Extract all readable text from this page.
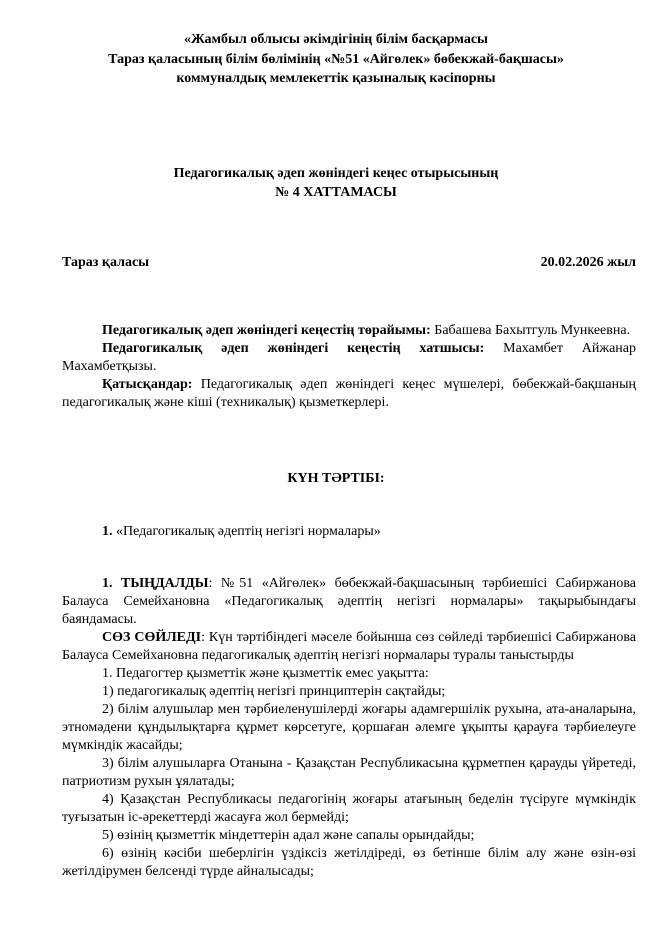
«Жамбыл облысы әкімдігінің білім басқармасы
Тараз қаласының білім бөлімінің «№51 «Айгөлек» бөбекжай-бақшасы»
коммуналдық мемлекеттік қазыналық кәсіпорны
Педагогикалық әдеп жөніндегі кеңес отырысының
№ 4 ХАТТАМАСЫ
Тараз қаласы	20.02.2026 жыл

Педагогикалық әдеп жөніндегі кеңестің төрайымы: Бабашева Бахытгуль Мункеевна.

Педагогикалық әдеп жөніндегі кеңестің хатшысы: Махамбет Айжанар Махамбетқызы.

Қатысқандар: Педагогикалық әдеп жөніндегі кеңес мүшелері, бөбекжай-бақшаның педагогикалық және кіші (техникалық) қызметкерлері.

КҮН ТӘРТІБІ:
1. «Педагогикалық әдептің негізгі нормалары»

1. ТЫҢДАЛДЫ: №51 «Айгөлек» бөбекжай-бақшасының тәрбиешісі Сабиржанова Балауса Семейхановна «Педагогикалық әдептің негізгі нормалары» тақырыбындағы баяндамасы.

СӨЗ СӨЙЛЕДІ: Күн тәртібіндегі мәселе бойынша сөз сөйледі тәрбиешісі Сабиржанова Балауса Семейхановна педагогикалық әдептің негізгі нормалары туралы таныстырды

1. Педагогтер қызметтік және қызметтік емес уақытта:

1) педагогикалық әдептің негізгі принциптерін сақтайды;

2) білім алушылар мен тәрбиеленушілерді жоғары адамгершілік рухына, ата-аналарына, этномәдени құндылықтарға құрмет көрсетуге, қоршаған әлемге ұқыпты қарауға тәрбиелеуге мүмкіндік жасайды;

3) білім алушыларға Отанына - Қазақстан Республикасына құрметпен қарауды үйретеді, патриотизм рухын ұялатады;

4) Қазақстан Республикасы педагогінің жоғары атағының беделін түсіруге мүмкіндік туғызатын іс-әрекеттерді жасауға жол бермейді;

5) өзінің қызметтік міндеттерін адал және сапалы орындайды;

6) өзінің кәсіби шеберлігін үздіксіз жетілдіреді, өз бетінше білім алу және өзін-өзі жетілдірумен белсенді түрде айналысады;
